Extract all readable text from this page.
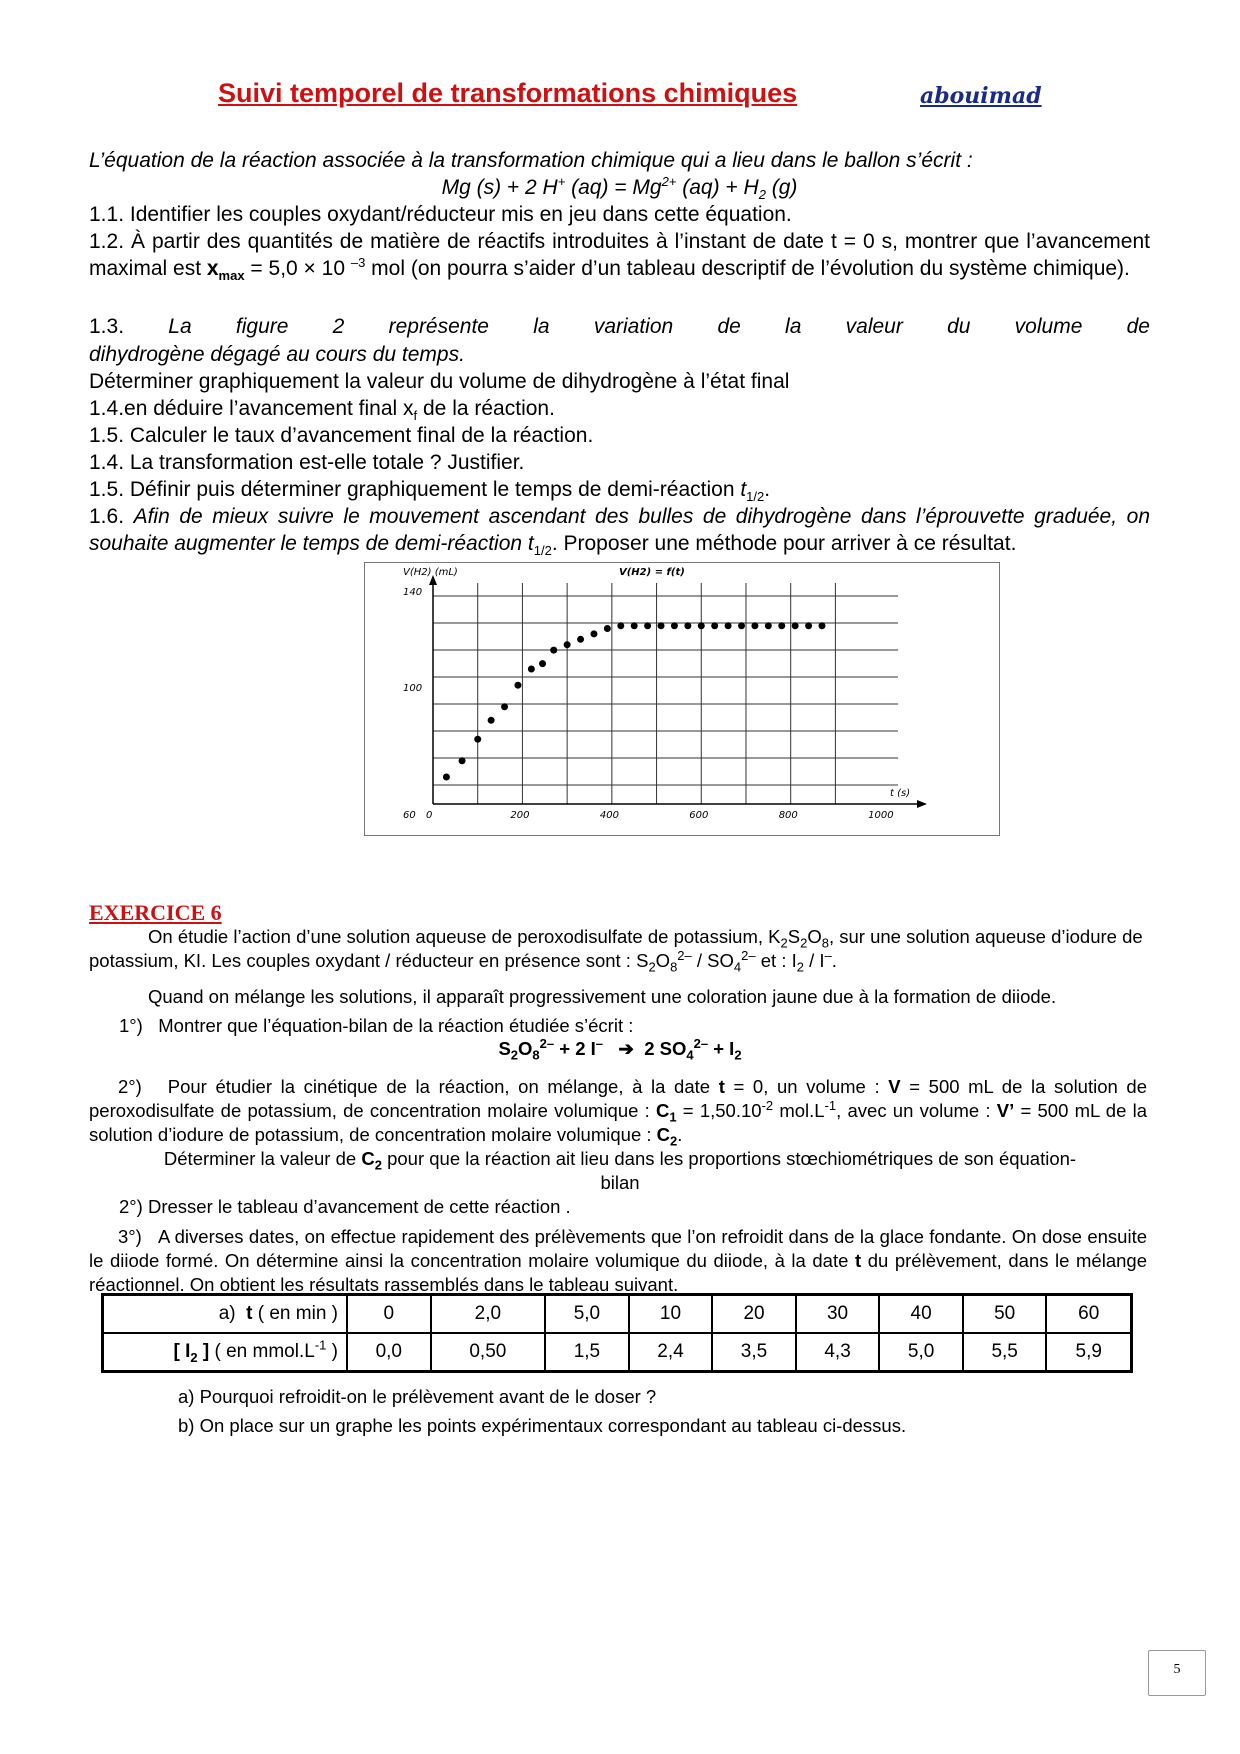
Suivi temporel de transformations chimiques	abouimad
L’équation de la réaction associée à la transformation chimique qui a lieu dans le ballon s’écrit :
Mg (s) + 2 H+ $(aq) = Mg^{2+}$ $(aq) + H_2$ (g)
1.1. Identifier les couples oxydant/réducteur mis en jeu dans cette équation.
1.2. À partir des quantités de matière de réactifs introduites à l’instant de date t = 0 s, montrer que l’avancement maximal est $x_{max} = 5,0 \times 10$ $^{-3}$ mol (on pourra s’aider d’un tableau descriptif de l’évolution du système chimique).
1.3. La figure 2 représente la variation de la valeur du volume de
dihydrogène dégagé au cours du temps.
Déterminer graphiquement la valeur du volume de dihydrogène à l’état final
1.4.en déduire l’avancement final $x_f$ de la réaction.
1.5. Calculer le taux d’avancement final de la réaction.
1.4. La transformation est-elle totale ? Justifier.
1.5. Définir puis déterminer graphiquement le temps de demi-réaction $t_{1/2}$.
1.6. Afin de mieux suivre le mouvement ascendant des bulles de dihydrogène dans l’éprouvette graduée, on souhaite augmenter le temps de demi-réaction $t_{1/2}$. Proposer une méthode pour arriver à ce résultat.
V(H2) (mL)	V(H2) = f(t)
t (s)
140
100
60 0	200	400	600	800	1000
EXERCICE 6
On étudie l’action d’une solution aqueuse de peroxodisulfate de potassium, $K_2S_2O_8$, sur une solution aqueuse d’iodure de potassium, KI. Les couples oxydant / réducteur en présence sont : $S_2O_8^{2-} / SO_4^{2-}$ et : $I_2 / I^-$.
Quand on mélange les solutions, il apparaît progressivement une coloration jaune due à la formation de diiode.
1°)   Montrer que l’équation-bilan de la réaction étudiée s’écrit :
$S_2O_8^{2-} + 2$ I–   ➔  2 $SO_4^{2-} + I_2$
2°)   Pour étudier la cinétique de la réaction, on mélange, à la date t = 0, un volume : V = 500 mL de la solution de peroxodisulfate de potassium, de concentration molaire volumique : $C_1 = 1,50.10^{-2}$ $mol.L^{-1}$, avec un volume : V’ = 500 mL de la solution d’iodure de potassium, de concentration molaire volumique : $C_2$.
Déterminer la valeur de $C_2$ pour que la réaction ait lieu dans les proportions stœchiométriques de son équation-
bilan
2°) Dresser le tableau d’avancement de cette réaction .
3°)   A diverses dates, on effectue rapidement des prélèvements que l’on refroidit dans de la glace fondante. On dose ensuite le diiode formé. On détermine ainsi la concentration molaire volumique du diiode, à la date t du prélèvement, dans le mélange réactionnel. On obtient les résultats rassemblés dans le tableau suivant.
a)  t ( en min )	0	2,0	5,0	10	20	30	40	50	60
[ $I_2$ ] ( en $mmol.L^{-1}$ )	0,0	0,50	1,5	2,4	3,5	4,3	5,0	5,5	5,9
a) Pourquoi refroidit-on le prélèvement avant de le doser ?
b) On place sur un graphe les points expérimentaux correspondant au tableau ci-dessus.
5
